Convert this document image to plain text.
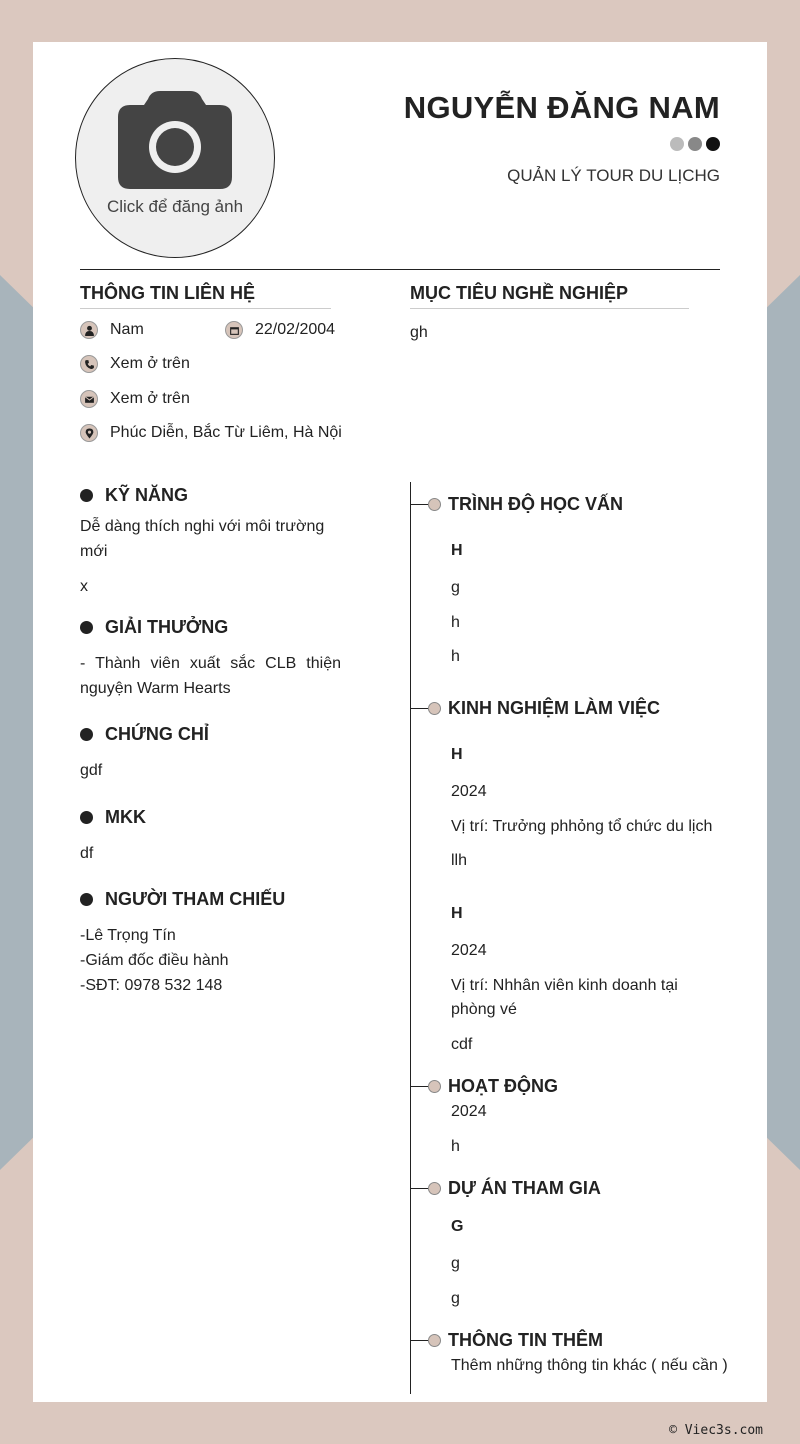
Click để đăng ảnh
NGUYỄN ĐĂNG NAM
QUẢN LÝ TOUR DU LỊCHG
THÔNG TIN LIÊN HỆ
Nam	22/02/2004
Xem ở trên
Xem ở trên
Phúc Diễn, Bắc Từ Liêm, Hà Nội
MỤC TIÊU NGHỀ NGHIỆP
gh
KỸ NĂNG
Dễ dàng thích nghi với môi trường
mới
x
GIẢI THƯỞNG
- Thành viên xuất sắc CLB thiện
nguyện Warm Hearts
CHỨNG CHỈ
gdf
MKK
df
NGƯỜI THAM CHIẾU
-Lê Trọng Tín
-Giám đốc điều hành
-SĐT: 0978 532 148
TRÌNH ĐỘ HỌC VẤN
H
g
h
h
KINH NGHIỆM LÀM VIỆC
H
2024
Vị trí: Trưởng phhỏng tổ chức du lịch
llh
H
2024
Vị trí: Nhhân viên kinh doanh tại
phòng vé
cdf
HOẠT ĐỘNG
2024
h
DỰ ÁN THAM GIA
G
g
g
THÔNG TIN THÊM
Thêm những thông tin khác ( nếu cần )
© Viec3s.com
